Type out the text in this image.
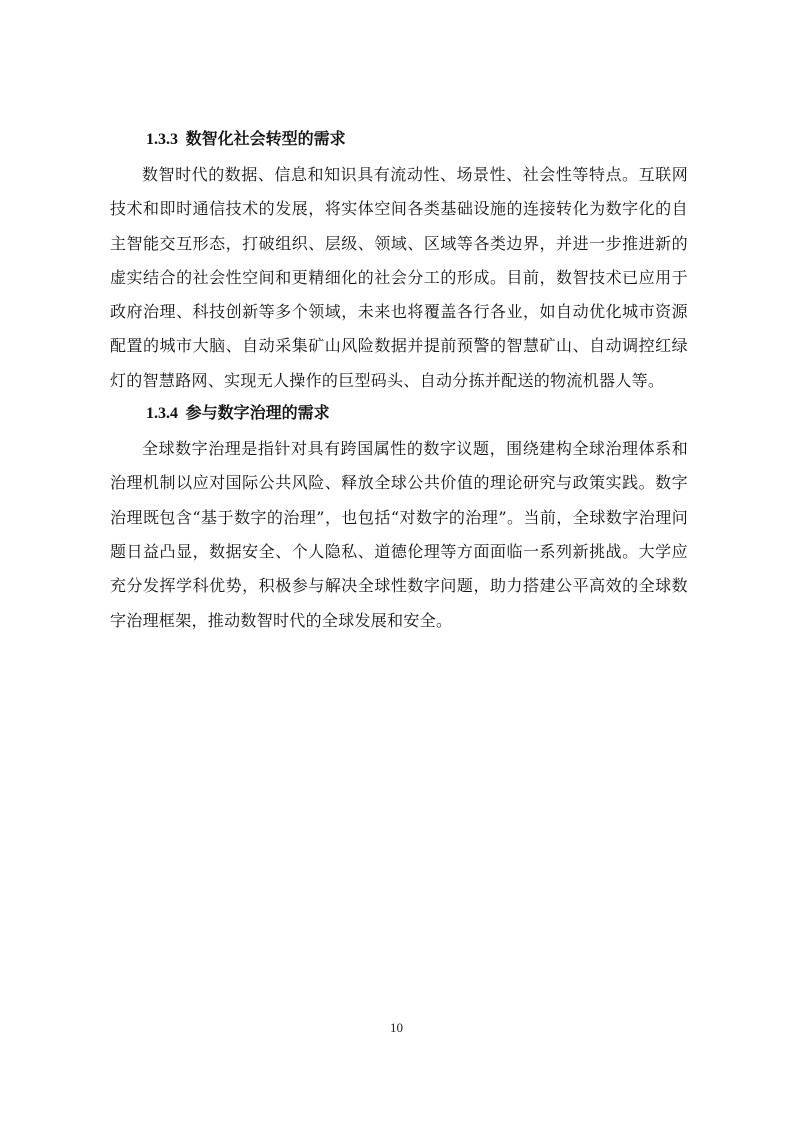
1.3.3 数智化社会转型的需求

数智时代的数据、信息和知识具有流动性、场景性、社会性等特点。互联网技术和即时通信技术的发展，将实体空间各类基础设施的连接转化为数字化的自主智能交互形态，打破组织、层级、领域、区域等各类边界，并进一步推进新的虚实结合的社会性空间和更精细化的社会分工的形成。目前，数智技术已应用于政府治理、科技创新等多个领域，未来也将覆盖各行各业，如自动优化城市资源配置的城市大脑、自动采集矿山风险数据并提前预警的智慧矿山、自动调控红绿灯的智慧路网、实现无人操作的巨型码头、自动分拣并配送的物流机器人等。

1.3.4 参与数字治理的需求

全球数字治理是指针对具有跨国属性的数字议题，围绕建构全球治理体系和治理机制以应对国际公共风险、释放全球公共价值的理论研究与政策实践。数字治理既包含“基于数字的治理”，也包括“对数字的治理”。当前，全球数字治理问题日益凸显，数据安全、个人隐私、道德伦理等方面面临一系列新挑战。大学应充分发挥学科优势，积极参与解决全球性数字问题，助力搭建公平高效的全球数字治理框架，推动数智时代的全球发展和安全。

10
